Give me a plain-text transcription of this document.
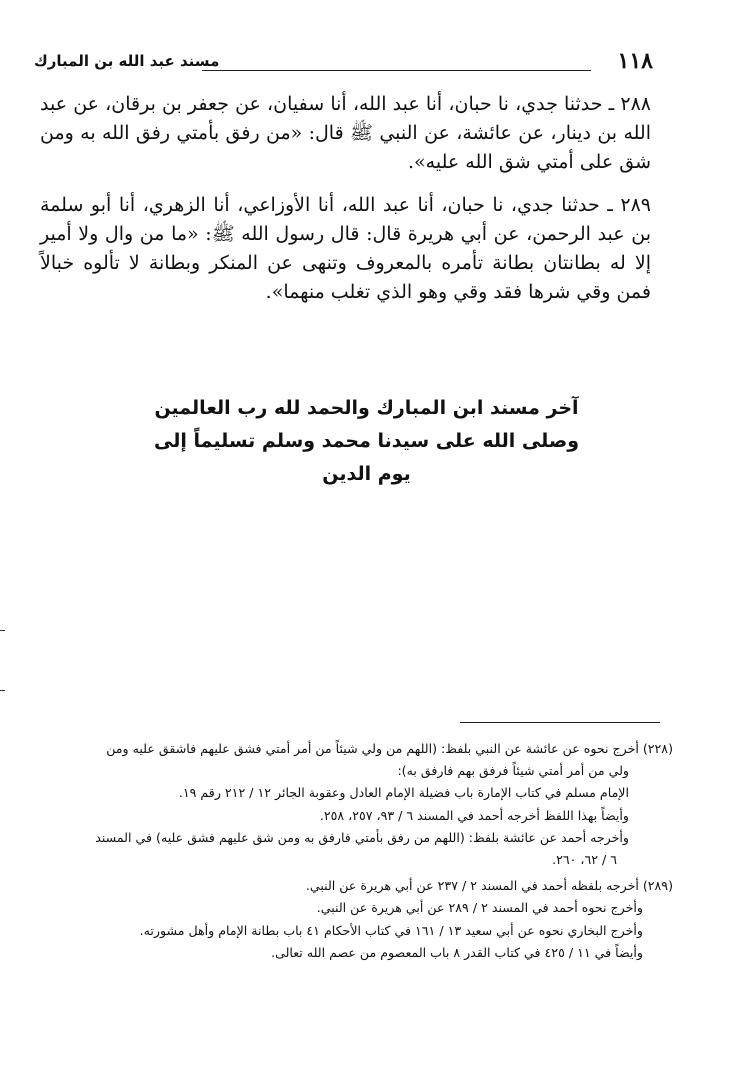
١١٨
مسند عبد الله بن المبارك

٢٨٨ ـ حدثنا جدي، نا حبان، أنا عبد الله، أنا سفيان، عن جعفر بن برقان، عن عبد الله بن دينار، عن عائشة، عن النبي ﷺ قال: «من رفق بأمتي رفق الله به ومن شق على أمتي شق الله عليه».

٢٨٩ ـ حدثنا جدي، نا حبان، أنا عبد الله، أنا الأوزاعي، أنا الزهري، أنا أبو سلمة بن عبد الرحمن، عن أبي هريرة قال: قال رسول الله ﷺ: «ما من وال ولا أمير إلا له بطانتان بطانة تأمره بالمعروف وتنهى عن المنكر وبطانة لا تألوه خبالاً فمن وقي شرها فقد وقي وهو الذي تغلب منهما».

آخر مسند ابن المبارك والحمد لله رب العالمين
وصلى الله على سيدنا محمد وسلم تسليماً إلى يوم الدين
(٢٢٨) أخرج نحوه عن عائشة عن النبي بلفظ: (اللهم من ولي شيئاً من أمر أمتي فشق عليهم فاشقق عليه ومن
ولي من أمر أمتي شيئاً فرفق بهم فارفق به):
الإمام مسلم في كتاب الإمارة باب فضيلة الإمام العادل وعقوبة الجائر ١٢ / ٢١٢ رقم ١٩.
وأيضاً بهذا اللفظ أخرجه أحمد في المسند ٦ / ٩٣، ٢٥٧، ٢٥٨.
وأخرجه أحمد عن عائشة بلفظ: (اللهم من رفق بأمتي فارفق به ومن شق عليهم فشق عليه) في المسند
٦ / ٦٢، ٢٦٠.
(٢٨٩) أخرجه بلفظه أحمد في المسند ٢ / ٢٣٧ عن أبي هريرة عن النبي.
وأخرج نحوه أحمد في المسند ٢ / ٢٨٩ عن أبي هريرة عن النبي.
وأخرج البخاري نحوه عن أبي سعيد ١٣ / ١٦١ في كتاب الأحكام ٤١ باب بطانة الإمام وأهل مشورته.
وأيضاً في ١١ / ٤٢٥ في كتاب القدر ٨ باب المعصوم من عصم الله تعالى.
